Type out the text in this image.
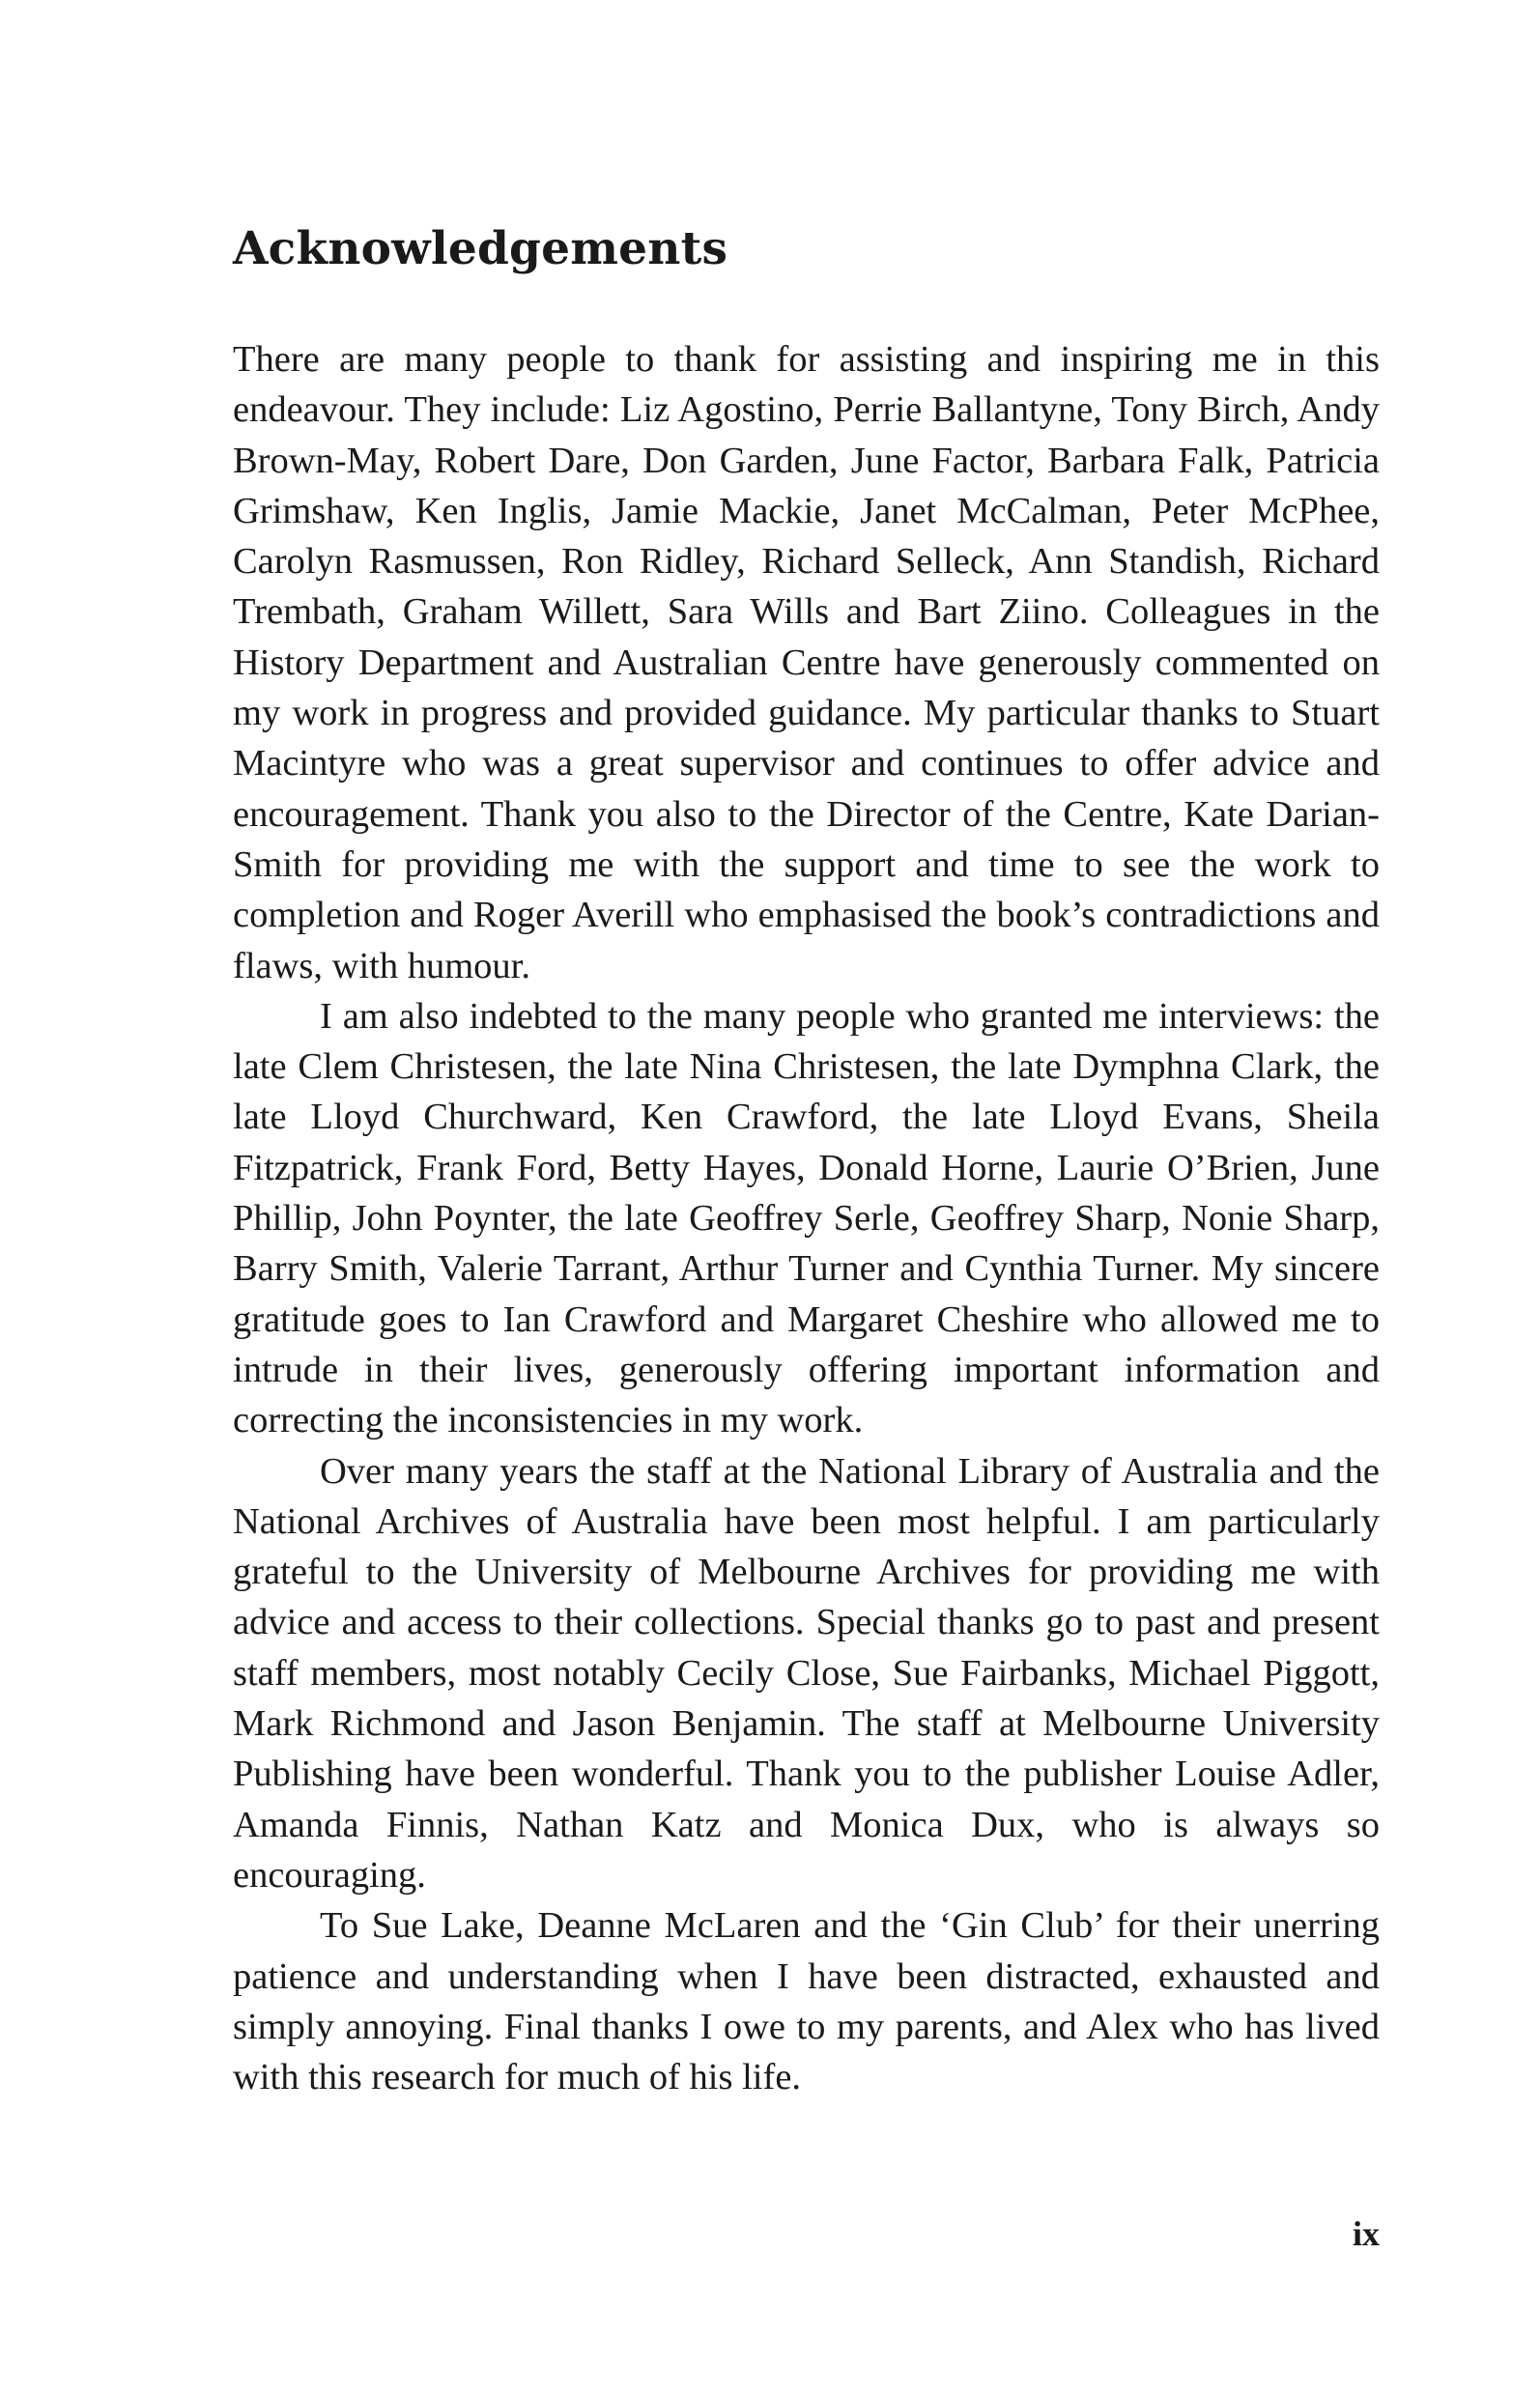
Acknowledgements

There are many people to thank for assisting and inspiring me in this endeavour. They include: Liz Agostino, Perrie Ballantyne, Tony Birch, Andy Brown-May, Robert Dare, Don Garden, June Factor, Barbara Falk, Patricia Grimshaw, Ken Inglis, Jamie Mackie, Janet McCalman, Peter McPhee, Carolyn Rasmussen, Ron Ridley, Richard Selleck, Ann Standish, Richard Trembath, Graham Willett, Sara Wills and Bart Ziino. Colleagues in the History Department and Australian Centre have generously commented on my work in progress and provided guidance. My particular thanks to Stuart Macintyre who was a great supervisor and continues to offer advice and encouragement. Thank you also to the Director of the Centre, Kate Darian-Smith for providing me with the support and time to see the work to completion and Roger Averill who emphasised the book’s contradictions and flaws, with humour.

I am also indebted to the many people who granted me interviews: the late Clem Christesen, the late Nina Christesen, the late Dymphna Clark, the late Lloyd Churchward, Ken Crawford, the late Lloyd Evans, Sheila Fitzpatrick, Frank Ford, Betty Hayes, Donald Horne, Laurie O’Brien, June Phillip, John Poynter, the late Geoffrey Serle, Geoffrey Sharp, Nonie Sharp, Barry Smith, Valerie Tarrant, Arthur Turner and Cynthia Turner. My sincere gratitude goes to Ian Crawford and Margaret Cheshire who allowed me to intrude in their lives, generously offering important information and correcting the inconsistencies in my work.

Over many years the staff at the National Library of Australia and the National Archives of Australia have been most helpful. I am particularly grateful to the University of Melbourne Archives for providing me with advice and access to their collections. Special thanks go to past and present staff members, most notably Cecily Close, Sue Fairbanks, Michael Piggott, Mark Richmond and Jason Benjamin. The staff at Melbourne University Publishing have been wonderful. Thank you to the publisher Louise Adler, Amanda Finnis, Nathan Katz and Monica Dux, who is always so encouraging.

To Sue Lake, Deanne McLaren and the ‘Gin Club’ for their unerring patience and understanding when I have been distracted, exhausted and simply annoying. Final thanks I owe to my parents, and Alex who has lived with this research for much of his life.

ix
